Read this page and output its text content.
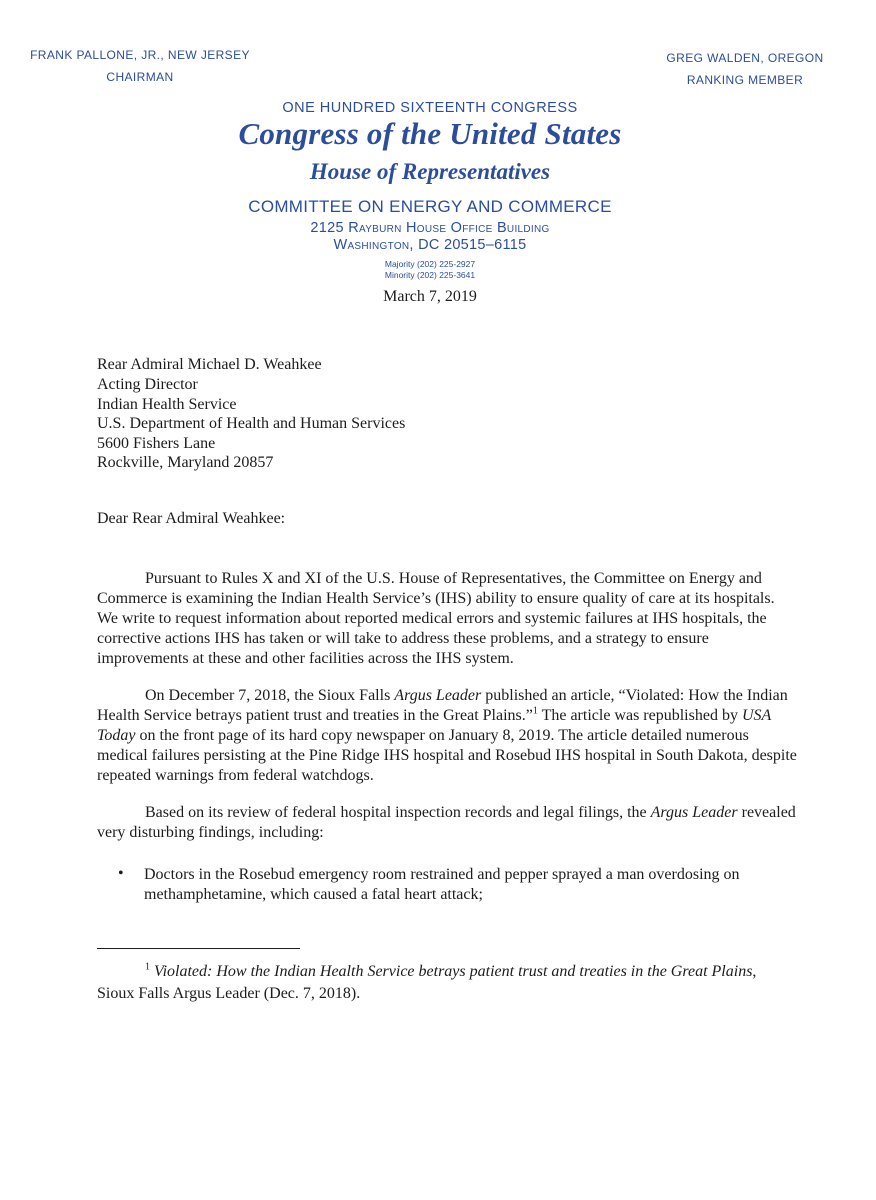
FRANK PALLONE, JR., NEW JERSEY
CHAIRMAN
GREG WALDEN, OREGON
RANKING MEMBER
ONE HUNDRED SIXTEENTH CONGRESS
Congress of the United States
House of Representatives
COMMITTEE ON ENERGY AND COMMERCE
2125 Rayburn House Office Building
Washington, DC 20515–6115
Majority (202) 225-2927
Minority (202) 225-3641
March 7, 2019
Rear Admiral Michael D. Weahkee
Acting Director
Indian Health Service
U.S. Department of Health and Human Services
5600 Fishers Lane
Rockville, Maryland 20857
Dear Rear Admiral Weahkee:
Pursuant to Rules X and XI of the U.S. House of Representatives, the Committee on Energy and Commerce is examining the Indian Health Service’s (IHS) ability to ensure quality of care at its hospitals. We write to request information about reported medical errors and systemic failures at IHS hospitals, the corrective actions IHS has taken or will take to address these problems, and a strategy to ensure improvements at these and other facilities across the IHS system.
On December 7, 2018, the Sioux Falls Argus Leader published an article, “Violated: How the Indian Health Service betrays patient trust and treaties in the Great Plains.”$^1$ The article was republished by USA Today on the front page of its hard copy newspaper on January 8, 2019. The article detailed numerous medical failures persisting at the Pine Ridge IHS hospital and Rosebud IHS hospital in South Dakota, despite repeated warnings from federal watchdogs.
Based on its review of federal hospital inspection records and legal filings, the Argus Leader revealed very disturbing findings, including:
• Doctors in the Rosebud emergency room restrained and pepper sprayed a man overdosing on methamphetamine, which caused a fatal heart attack;
$^1$ Violated: How the Indian Health Service betrays patient trust and treaties in the Great Plains, Sioux Falls Argus Leader (Dec. 7, 2018).
